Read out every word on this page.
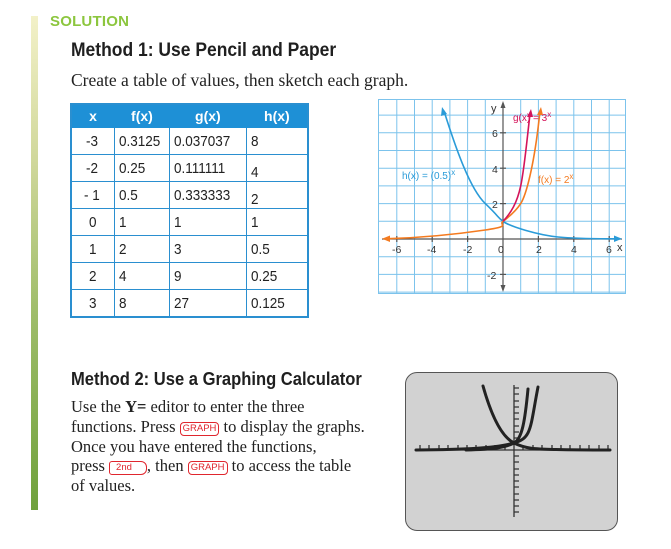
SOLUTION
Method 1: Use Pencil and Paper
Create a table of values, then sketch each graph.
x	f(x)	g(x)	h(x)
-3	0.3125	0.037037	8
-2	0.25	0.111111	4
- 1	0.5	0.333333	2
0	1	1	1
1	2	3	0.5
2	4	9	0.25
3	8	27	0.125
-6 -4	-2 0	2	4	6 x
y
6
4
2
-2
$g(x) = 3^x$
$f(x) = 2^x$
$h(x) = (0.5)^x$
Method 2: Use a Graphing Calculator
Use the Y= editor to enter the three
functions. Press GRAPH to display the graphs.
Once you have entered the functions,
press 2nd , then GRAPH to access the table
of values.
